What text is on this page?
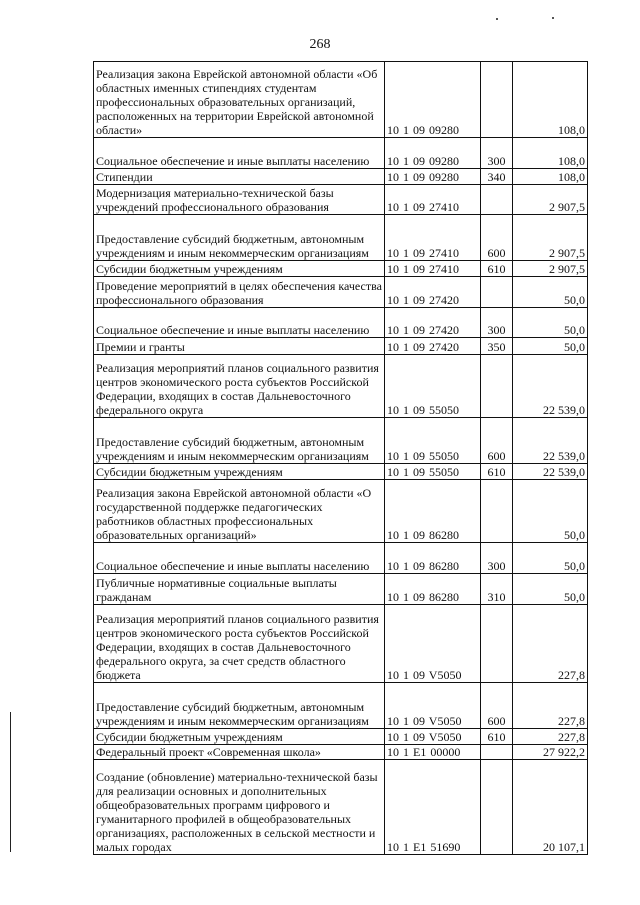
268
Реализация закона Еврейской автономной области «Об областных именных стипендиях студентам профессиональных образовательных организаций, расположенных на территории Еврейской автономной области»	10 1 09 09280		108,0
Социальное обеспечение и иные выплаты населению	10 1 09 09280	300	108,0
Стипендии	10 1 09 09280	340	108,0
Модернизация материально-технической базы учреждений профессионального образования	10 1 09 27410		2 907,5
Предоставление субсидий бюджетным, автономным учреждениям и иным некоммерческим организациям	10 1 09 27410	600	2 907,5
Субсидии бюджетным учреждениям	10 1 09 27410	610	2 907,5
Проведение мероприятий в целях обеспечения качества профессионального образования	10 1 09 27420		50,0
Социальное обеспечение и иные выплаты населению	10 1 09 27420	300	50,0
Премии и гранты	10 1 09 27420	350	50,0
Реализация мероприятий планов социального развития центров экономического роста субъектов Российской Федерации, входящих в состав Дальневосточного федерального округа	10 1 09 55050		22 539,0
Предоставление субсидий бюджетным, автономным учреждениям и иным некоммерческим организациям	10 1 09 55050	600	22 539,0
Субсидии бюджетным учреждениям	10 1 09 55050	610	22 539,0
Реализация закона Еврейской автономной области «О государственной поддержке педагогических работников областных профессиональных образовательных организаций»	10 1 09 86280		50,0
Социальное обеспечение и иные выплаты населению	10 1 09 86280	300	50,0
Публичные нормативные социальные выплаты гражданам	10 1 09 86280	310	50,0
Реализация мероприятий планов социального развития центров экономического роста субъектов Российской Федерации, входящих в состав Дальневосточного федерального округа, за счет средств областного бюджета	10 1 09 V5050		227,8
Предоставление субсидий бюджетным, автономным учреждениям и иным некоммерческим организациям	10 1 09 V5050	600	227,8
Субсидии бюджетным учреждениям	10 1 09 V5050	610	227,8
Федеральный проект «Современная школа»	10 1 E1 00000		27 922,2
Создание (обновление) материально-технической базы для реализации основных и дополнительных общеобразовательных программ цифрового и гуманитарного профилей в общеобразовательных организациях, расположенных в сельской местности и малых городах	10 1 E1 51690		20 107,1
